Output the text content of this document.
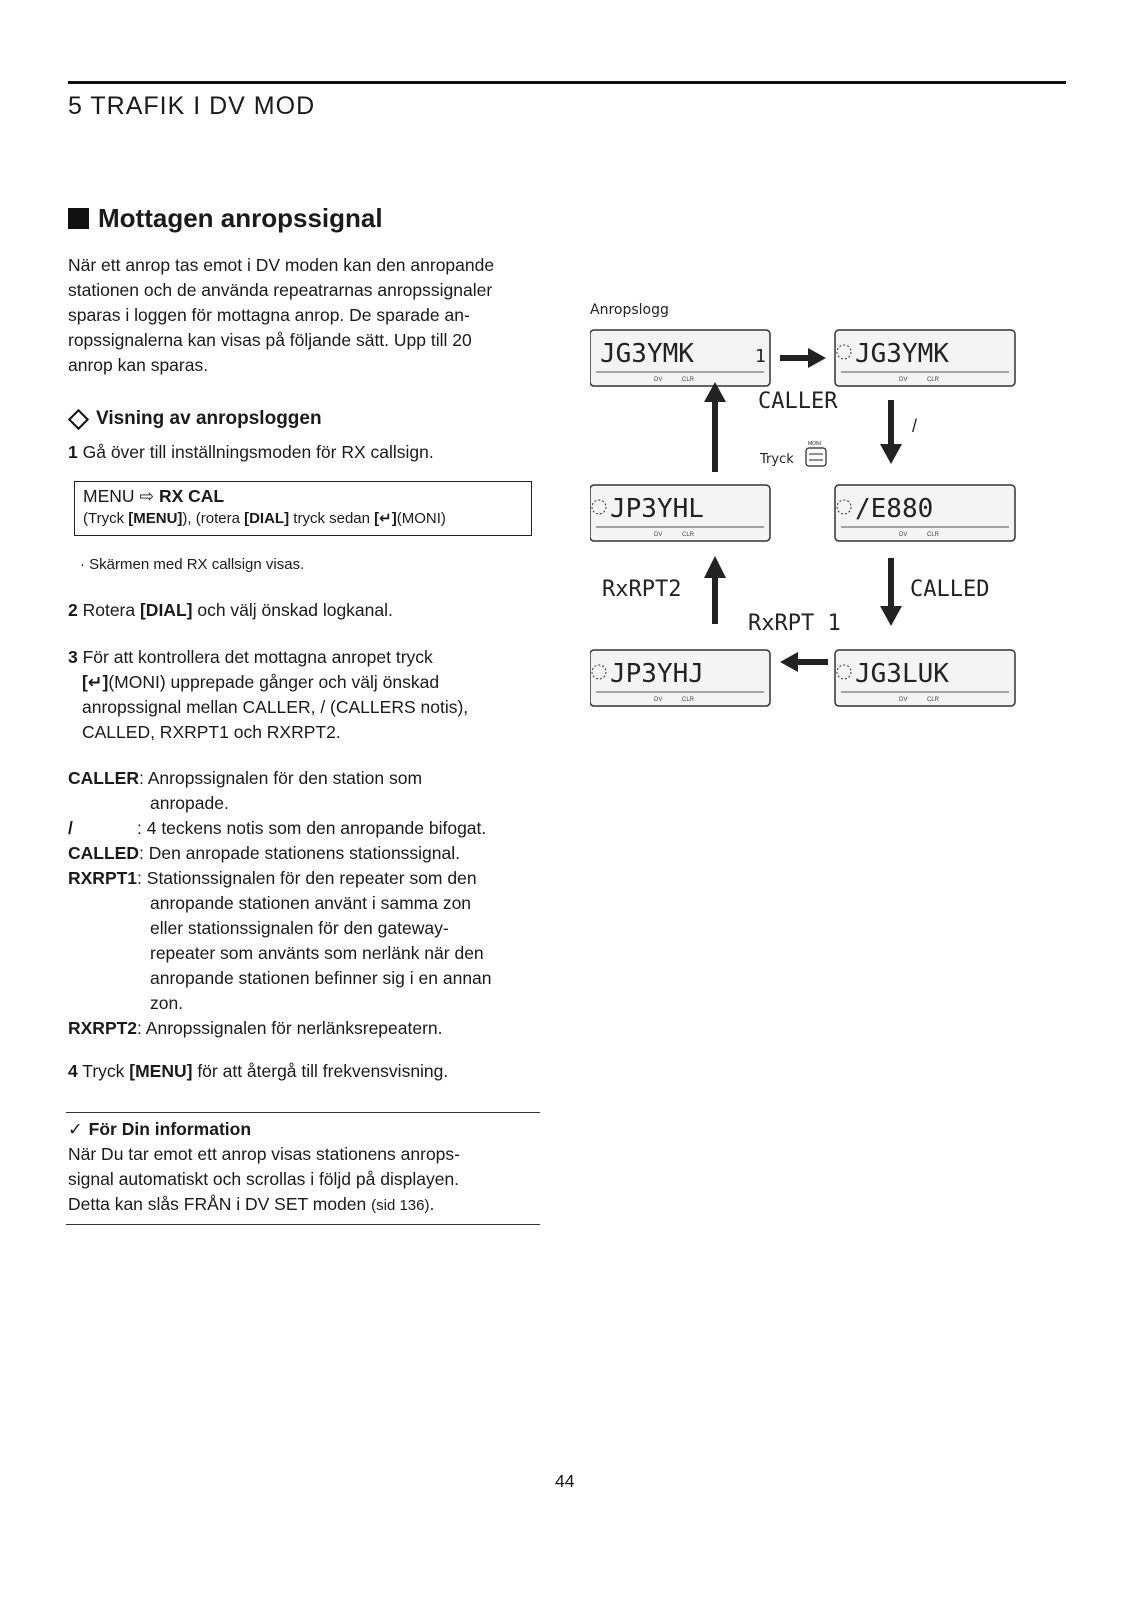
5 TRAFIK I DV MOD
Mottagen anropssignal
När ett anrop tas emot i DV moden kan den anropande
stationen och de använda repeatrarnas anropssignaler
sparas i loggen för mottagna anrop. De sparade an-
ropssignalerna kan visas på följande sätt. Upp till 20
anrop kan sparas.
Visning av anropsloggen
1 Gå över till inställningsmoden för RX callsign.
MENU ⇨ RX CAL
(Tryck [MENU]), (rotera [DIAL] tryck sedan [↵](MONI)
· Skärmen med RX callsign visas.
2 Rotera [DIAL] och välj önskad logkanal.
3 För att kontrollera det mottagna anropet tryck
[↵](MONI) upprepade gånger och välj önskad
anropssignal mellan CALLER, / (CALLERS notis),
CALLED, RXRPT1 och RXRPT2.
CALLER: Anropssignalen för den station som
anropade.
/	: 4 teckens notis som den anropande bifogat.
CALLED: Den anropade stationens stationssignal.
RXRPT1: Stationssignalen för den repeater som den
anropande stationen använt i samma zon
eller stationssignalen för den gateway-
repeater som använts som nerlänk när den
anropande stationen befinner sig i en annan
zon.
RXRPT2: Anropssignalen för nerlänksrepeatern.
4 Tryck [MENU] för att återgå till frekvensvisning.
✓ För Din information
När Du tar emot ett anrop visas stationens anrops-
signal automatiskt och scrollas i följd på displayen.
Detta kan slås FRÅN i DV SET moden (sid 136).
Anropslogg
JG3YMK	1
DV	CLR
JG3YMK
DV	CLR
JP3YHL
DV	CLR
/E880
DV	CLR
JP3YHJ
DV	CLR
JG3LUK
DV	CLR
CALLER
/
Tryck
MONI
RxRPT2	CALLED
RxRPT 1
44
